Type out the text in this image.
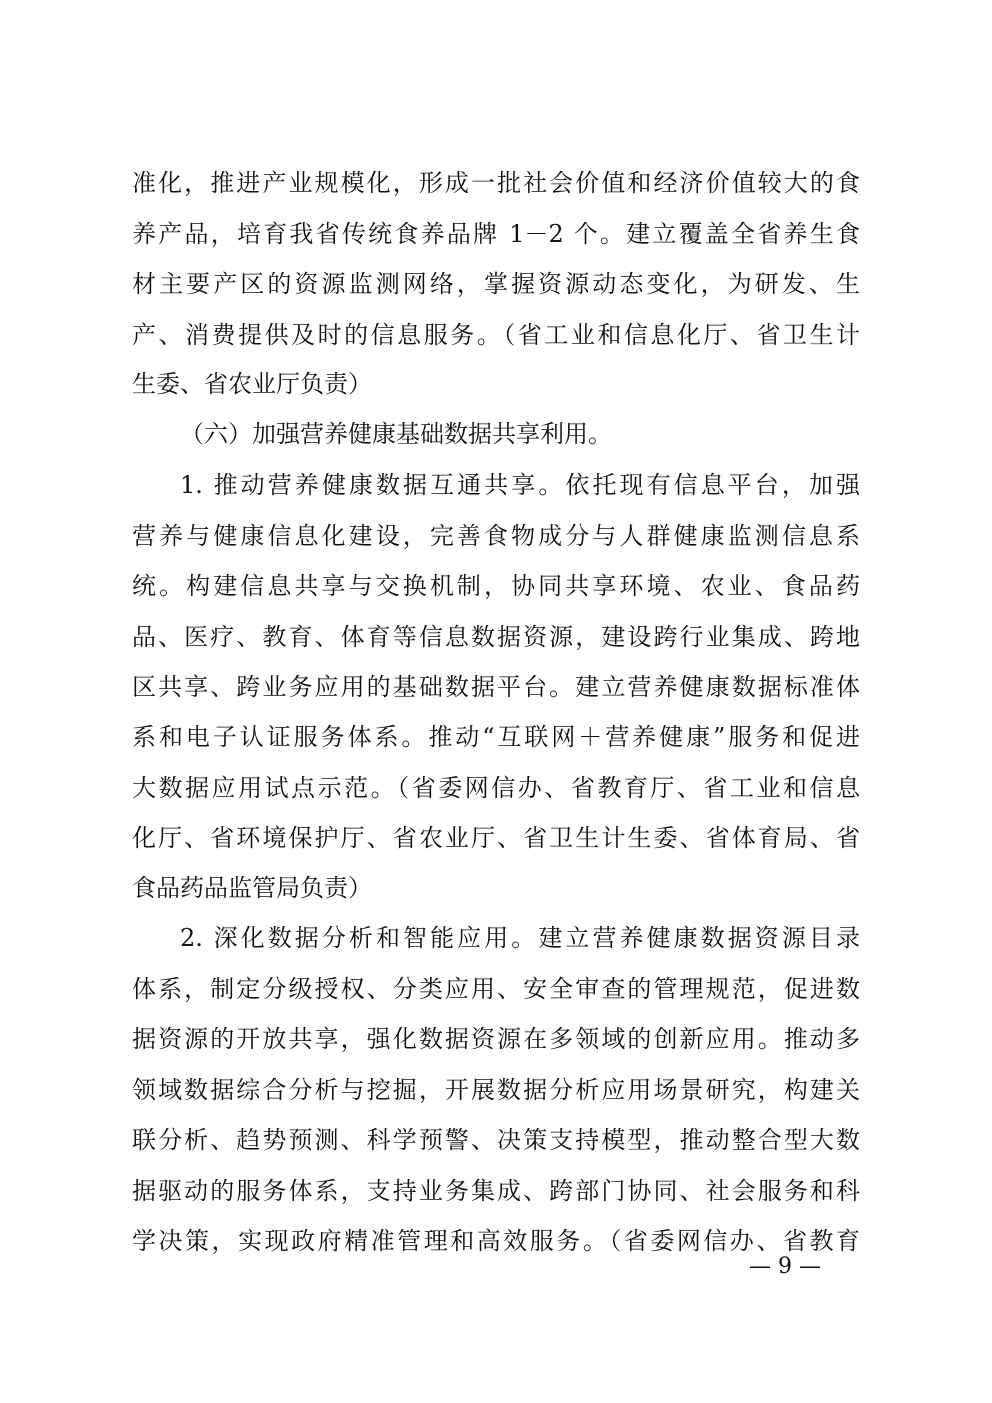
准化，推进产业规模化，形成一批社会价值和经济价值较大的食
养产品，培育我省传统食养品牌 1－2 个。建立覆盖全省养生食
材主要产区的资源监测网络，掌握资源动态变化，为研发、生
产、消费提供及时的信息服务。（省工业和信息化厅、省卫生计
生委、省农业厅负责）
（六）加强营养健康基础数据共享利用。
1. 推动营养健康数据互通共享。依托现有信息平台，加强
营养与健康信息化建设，完善食物成分与人群健康监测信息系
统。构建信息共享与交换机制，协同共享环境、农业、食品药
品、医疗、教育、体育等信息数据资源，建设跨行业集成、跨地
区共享、跨业务应用的基础数据平台。建立营养健康数据标准体
系和电子认证服务体系。推动“互联网＋营养健康”服务和促进
大数据应用试点示范。（省委网信办、省教育厅、省工业和信息
化厅、省环境保护厅、省农业厅、省卫生计生委、省体育局、省
食品药品监管局负责）
2. 深化数据分析和智能应用。建立营养健康数据资源目录
体系，制定分级授权、分类应用、安全审查的管理规范，促进数
据资源的开放共享，强化数据资源在多领域的创新应用。推动多
领域数据综合分析与挖掘，开展数据分析应用场景研究，构建关
联分析、趋势预测、科学预警、决策支持模型，推动整合型大数
据驱动的服务体系，支持业务集成、跨部门协同、社会服务和科
学决策，实现政府精准管理和高效服务。（省委网信办、省教育
— 9 —
